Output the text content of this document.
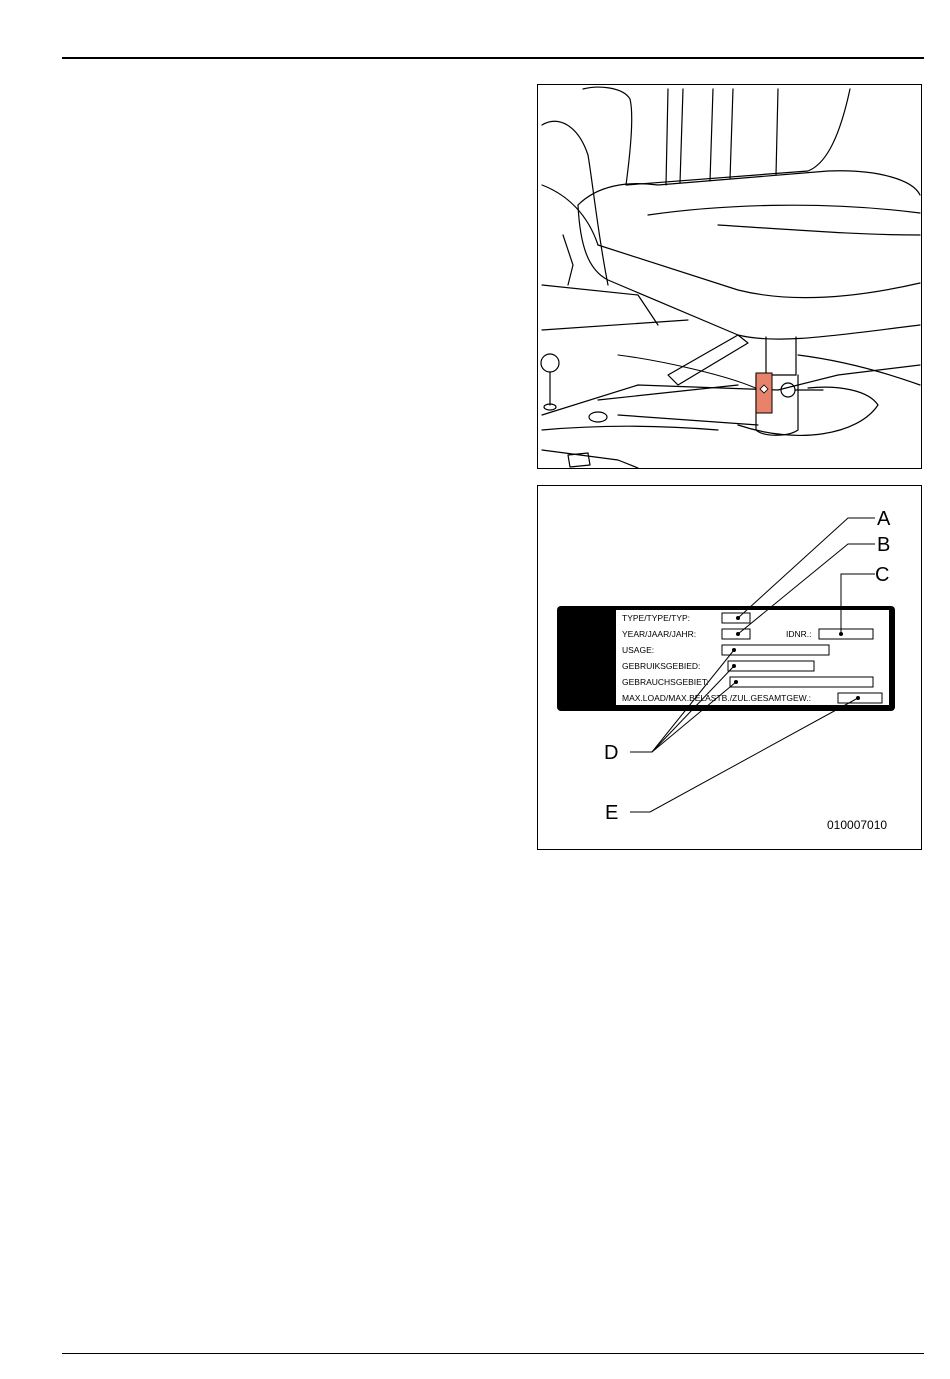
TYPE/TYPE/TYP:
YEAR/JAAR/JAHR:	IDNR.:
USAGE:
GEBRUIKSGEBIED:
GEBRAUCHSGEBIET:
MAX.LOAD/MAX.BELASTB./ZUL.GESAMTGEW.:
A
B
C
D
E
010007010
